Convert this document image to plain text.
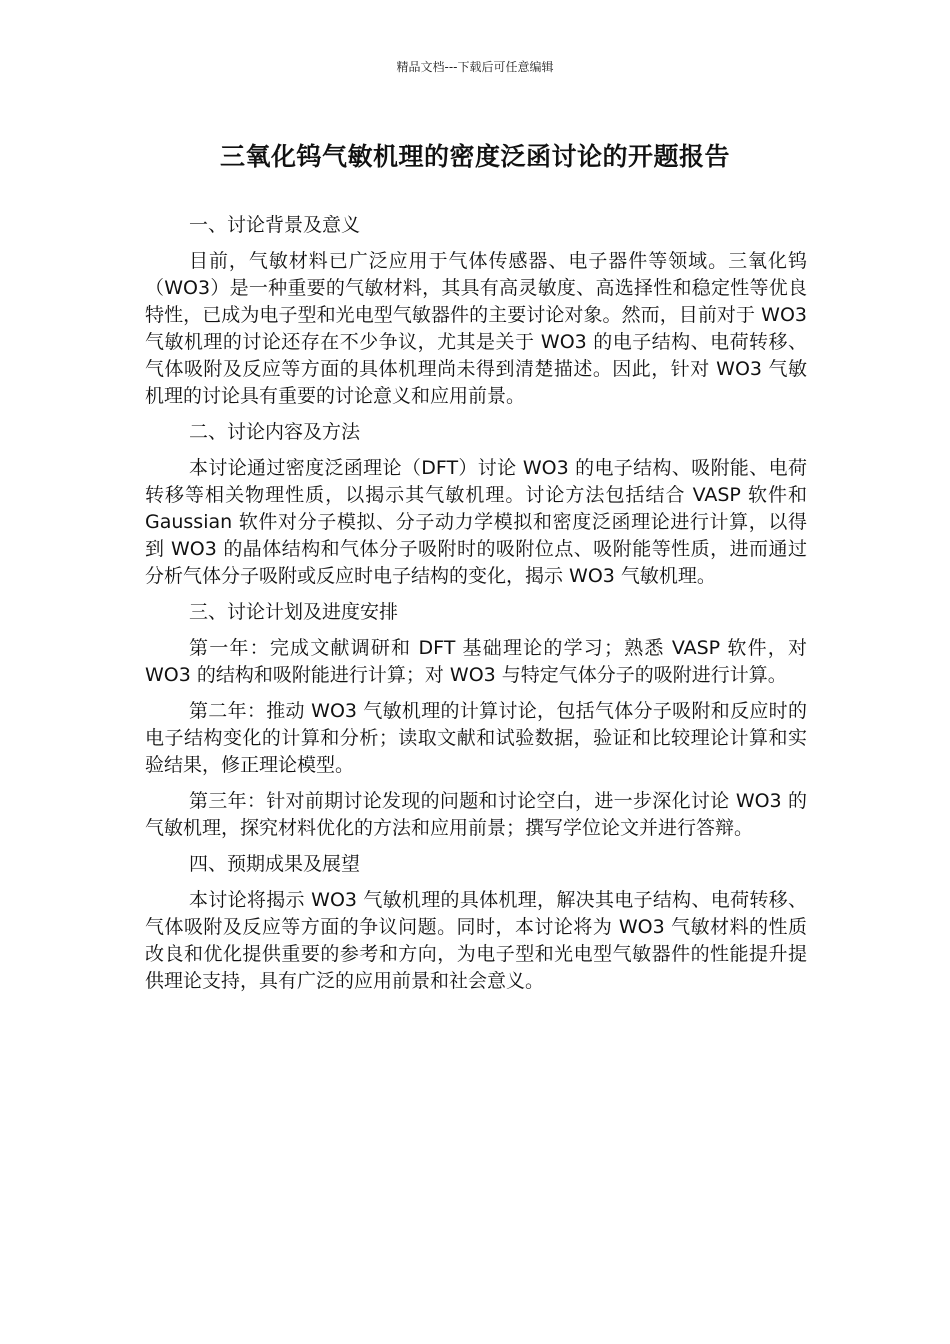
精品文档---下载后可任意编辑
三氧化钨气敏机理的密度泛函讨论的开题报告
一、讨论背景及意义

目前，气敏材料已广泛应用于气体传感器、电子器件等领域。三氧化钨（WO3）是一种重要的气敏材料，其具有高灵敏度、高选择性和稳定性等优良特性，已成为电子型和光电型气敏器件的主要讨论对象。然而，目前对于 WO3 气敏机理的讨论还存在不少争议，尤其是关于 WO3 的电子结构、电荷转移、气体吸附及反应等方面的具体机理尚未得到清楚描述。因此，针对 WO3 气敏机理的讨论具有重要的讨论意义和应用前景。

二、讨论内容及方法

本讨论通过密度泛函理论（DFT）讨论 WO3 的电子结构、吸附能、电荷转移等相关物理性质，以揭示其气敏机理。讨论方法包括结合 VASP 软件和 Gaussian 软件对分子模拟、分子动力学模拟和密度泛函理论进行计算，以得到 WO3 的晶体结构和气体分子吸附时的吸附位点、吸附能等性质，进而通过分析气体分子吸附或反应时电子结构的变化，揭示 WO3 气敏机理。

三、讨论计划及进度安排

第一年：完成文献调研和 DFT 基础理论的学习；熟悉 VASP 软件，对 WO3 的结构和吸附能进行计算；对 WO3 与特定气体分子的吸附进行计算。

第二年：推动 WO3 气敏机理的计算讨论，包括气体分子吸附和反应时的电子结构变化的计算和分析；读取文献和试验数据，验证和比较理论计算和实验结果，修正理论模型。

第三年：针对前期讨论发现的问题和讨论空白，进一步深化讨论 WO3 的气敏机理，探究材料优化的方法和应用前景；撰写学位论文并进行答辩。

四、预期成果及展望

本讨论将揭示 WO3 气敏机理的具体机理，解决其电子结构、电荷转移、气体吸附及反应等方面的争议问题。同时，本讨论将为 WO3 气敏材料的性质改良和优化提供重要的参考和方向，为电子型和光电型气敏器件的性能提升提供理论支持，具有广泛的应用前景和社会意义。
